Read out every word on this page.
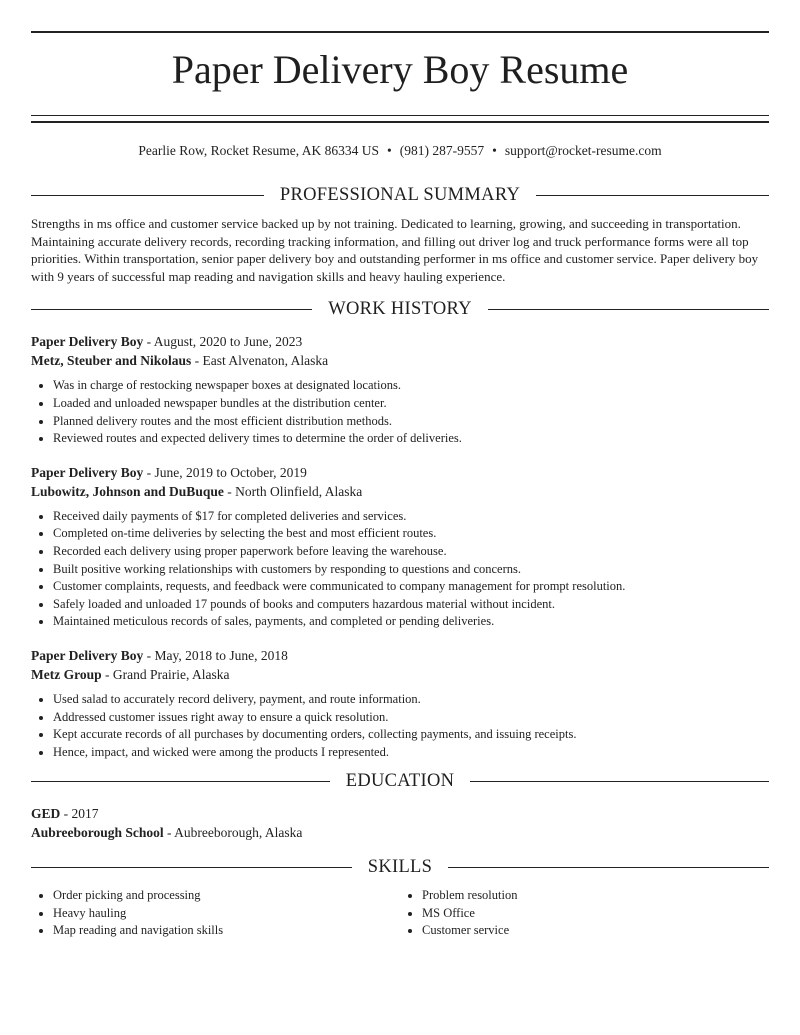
Paper Delivery Boy Resume
Pearlie Row, Rocket Resume, AK 86334 US • (981) 287-9557 • support@rocket-resume.com
PROFESSIONAL SUMMARY
Strengths in ms office and customer service backed up by not training. Dedicated to learning, growing, and succeeding in transportation. Maintaining accurate delivery records, recording tracking information, and filling out driver log and truck performance forms were all top priorities. Within transportation, senior paper delivery boy and outstanding performer in ms office and customer service. Paper delivery boy with 9 years of successful map reading and navigation skills and heavy hauling experience.
WORK HISTORY
Paper Delivery Boy - August, 2020 to June, 2023
Metz, Steuber and Nikolaus - East Alvenaton, Alaska
• Was in charge of restocking newspaper boxes at designated locations.
• Loaded and unloaded newspaper bundles at the distribution center.
• Planned delivery routes and the most efficient distribution methods.
• Reviewed routes and expected delivery times to determine the order of deliveries.
Paper Delivery Boy - June, 2019 to October, 2019
Lubowitz, Johnson and DuBuque - North Olinfield, Alaska
• Received daily payments of $17 for completed deliveries and services.
• Completed on-time deliveries by selecting the best and most efficient routes.
• Recorded each delivery using proper paperwork before leaving the warehouse.
• Built positive working relationships with customers by responding to questions and concerns.
• Customer complaints, requests, and feedback were communicated to company management for prompt resolution.
• Safely loaded and unloaded 17 pounds of books and computers hazardous material without incident.
• Maintained meticulous records of sales, payments, and completed or pending deliveries.
Paper Delivery Boy - May, 2018 to June, 2018
Metz Group - Grand Prairie, Alaska
• Used salad to accurately record delivery, payment, and route information.
• Addressed customer issues right away to ensure a quick resolution.
• Kept accurate records of all purchases by documenting orders, collecting payments, and issuing receipts.
• Hence, impact, and wicked were among the products I represented.
EDUCATION
GED - 2017
Aubreeborough School - Aubreeborough, Alaska
SKILLS
• Order picking and processing
• Heavy hauling
• Map reading and navigation skills
• Problem resolution
• MS Office
• Customer service
